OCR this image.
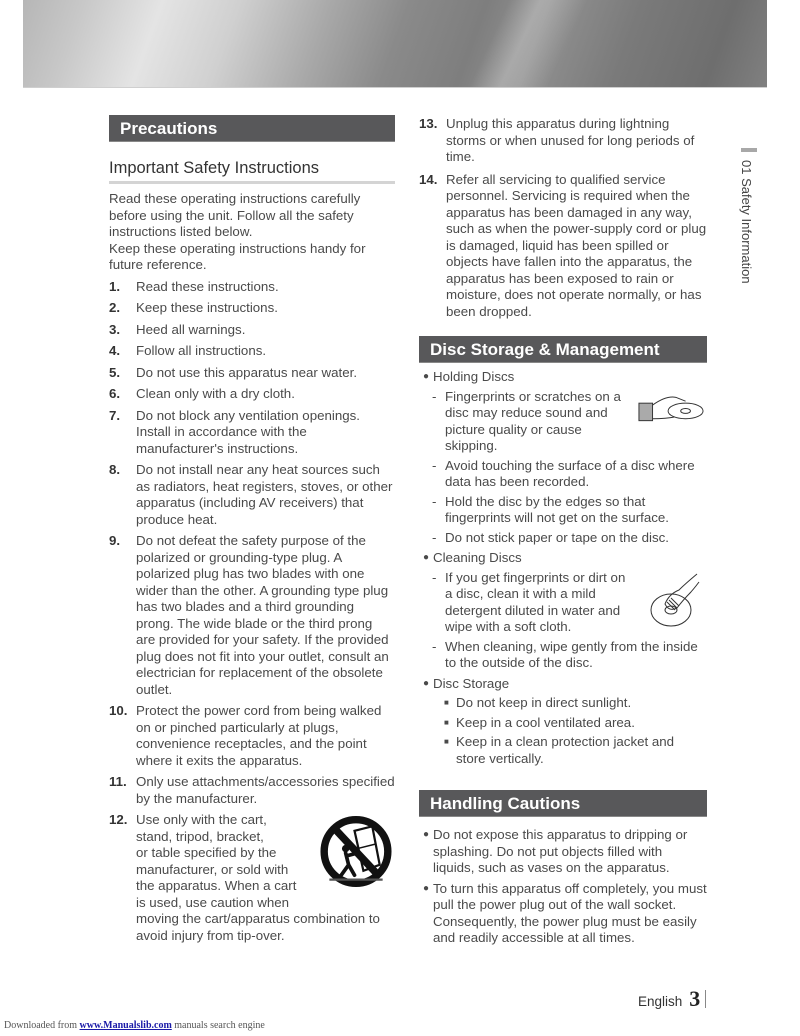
Precautions
Important Safety Instructions

Read these operating instructions carefully before using the unit. Follow all the safety instructions listed below.

Keep these operating instructions handy for future reference.

1.	Read these instructions.
2.	Keep these instructions.
3.	Heed all warnings.
4.	Follow all instructions.
5.	Do not use this apparatus near water.
6.	Clean only with a dry cloth.
7.	Do not block any ventilation openings. Install in accordance with the manufacturer's instructions.
8.	Do not install near any heat sources such as radiators, heat registers, stoves, or other apparatus (including AV receivers) that produce heat.
9.	Do not defeat the safety purpose of the polarized or grounding-type plug. A polarized plug has two blades with one wider than the other. A grounding type plug has two blades and a third grounding prong. The wide blade or the third prong are provided for your safety. If the provided plug does not fit into your outlet, consult an electrician for replacement of the obsolete outlet.
10. Protect the power cord from being walked on or pinched particularly at plugs, convenience receptacles, and the point where it exits the apparatus.
11. Only use attachments/accessories specified by the manufacturer.
12. Use only with the cart,
stand, tripod, bracket,
or table specified by the
manufacturer, or sold with
the apparatus. When a cart
is used, use caution when
moving the cart/apparatus combination to avoid injury from tip-over.
13. Unplug this apparatus during lightning storms or when unused for long periods of time.
14. Refer all servicing to qualified service personnel. Servicing is required when the apparatus has been damaged in any way, such as when the power-supply cord or plug is damaged, liquid has been spilled or objects have fallen into the apparatus, the apparatus has been exposed to rain or moisture, does not operate normally, or has been dropped.
Disc Storage & Management
● Holding Discs
- Fingerprints or scratches on a disc may reduce sound and picture quality or cause skipping.
- Avoid touching the surface of a disc where data has been recorded.
- Hold the disc by the edges so that fingerprints will not get on the surface.
- Do not stick paper or tape on the disc.
● Cleaning Discs
- If you get fingerprints or dirt on a disc, clean it with a mild detergent diluted in water and wipe with a soft cloth.
- When cleaning, wipe gently from the inside to the outside of the disc.
● Disc Storage
■ Do not keep in direct sunlight.
■ Keep in a cool ventilated area.
■ Keep in a clean protection jacket and store vertically.
Handling Cautions
● Do not expose this apparatus to dripping or splashing. Do not put objects filled with liquids, such as vases on the apparatus.
● To turn this apparatus off completely, you must pull the power plug out of the wall socket. Consequently, the power plug must be easily and readily accessible at all times.
01 Safety Information
English 3
Downloaded from www.Manualslib.com manuals search engine
